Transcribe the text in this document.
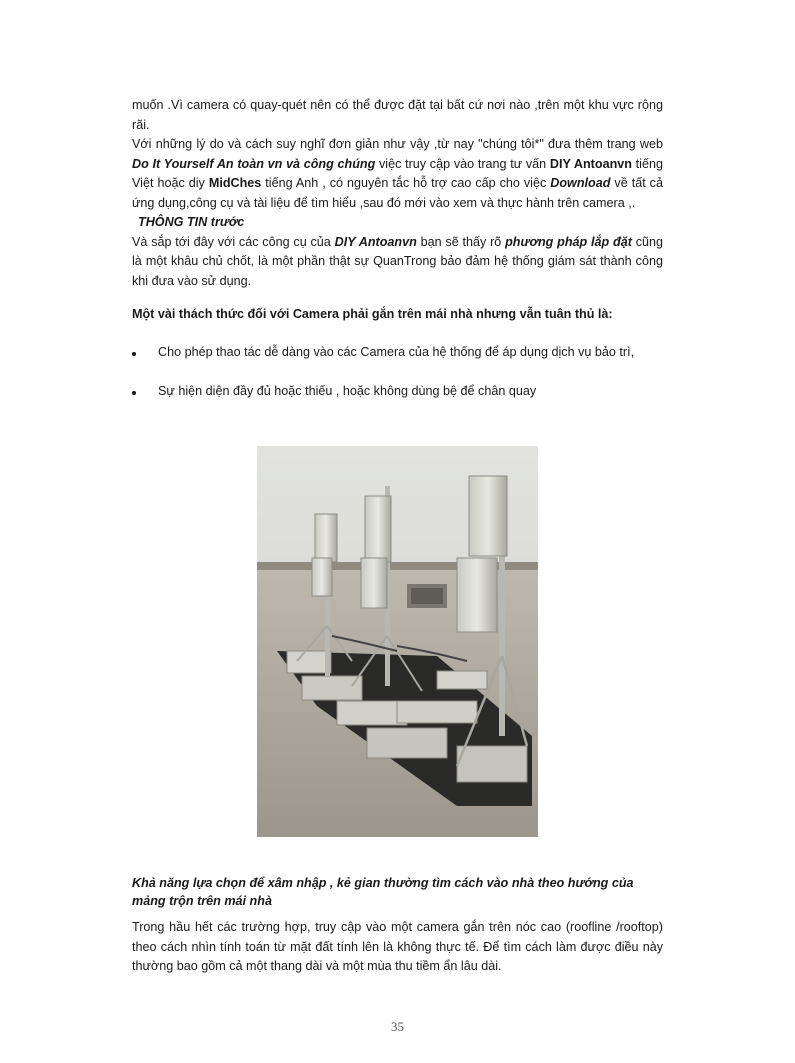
muốn .Vì camera có quay-quét nên có thể được đặt tại bất cứ nơi nào ,trên một khu vực rộng rãi.

Với những lý do và cách suy nghĩ đơn giản như vậy ,từ nay "chúng tôi*" đưa thêm trang web Do It Yourself An toàn vn và công chúng việc truy cập vào trang tư vấn DIY Antoanvn tiếng Việt hoặc diy MidChes tiếng Anh , có nguyên tắc hỗ trợ cao cấp cho việc Download về tất cả ứng dụng,công cụ và tài liệu để tìm hiểu ,sau đó mới vào xem và thực hành trên camera ,.

THÔNG TIN trước

Và sắp tới đây với các công cụ của DIY Antoanvn bạn sẽ thấy rõ phương pháp lắp đặt cũng là một khâu chủ chốt, là một phần thật sự QuanTrong bảo đảm hệ thống giám sát thành công khi đưa vào sử dụng.

Một vài thách thức đối với Camera phải gắn trên mái nhà nhưng vẫn tuân thủ là:

Cho phép thao tác dễ dàng vào các Camera của hệ thống để áp dụng dịch vụ bảo trì,
Sự hiện diện đầy đủ hoặc thiếu , hoặc không dùng bệ để chân quay
Khả năng lựa chọn để xâm nhập , kẻ gian thường tìm cách vào nhà theo hướng của mảng trộn trên mái nhà
Trong hầu hết các trường hợp, truy cập vào một camera gắn trên nóc cao (roofline /rooftop) theo cách nhìn tính toán từ mặt đất tính lên là không thực tế. Để tìm cách làm được điều này thường bao gồm cả một thang dài và một mùa thu tiềm ẩn lâu dài.
35
